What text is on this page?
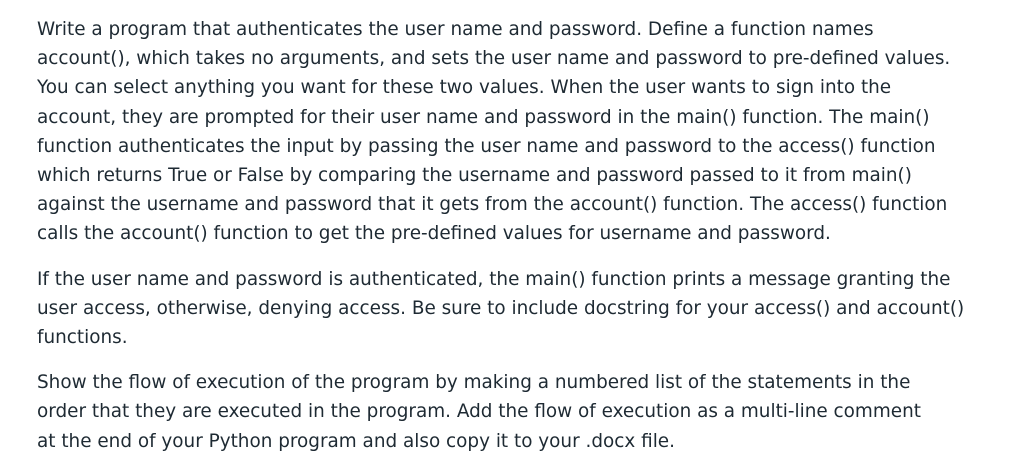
Write a program that authenticates the user name and password. Define a function names
account(), which takes no arguments, and sets the user name and password to pre-defined values.
You can select anything you want for these two values. When the user wants to sign into the
account, they are prompted for their user name and password in the main() function. The main()
function authenticates the input by passing the user name and password to the access() function
which returns True or False by comparing the username and password passed to it from main()
against the username and password that it gets from the account() function. The access() function
calls the account() function to get the pre-defined values for username and password.

If the user name and password is authenticated, the main() function prints a message granting the
user access, otherwise, denying access. Be sure to include docstring for your access() and account()
functions.

Show the flow of execution of the program by making a numbered list of the statements in the
order that they are executed in the program. Add the flow of execution as a multi-line comment
at the end of your Python program and also copy it to your .docx file.
